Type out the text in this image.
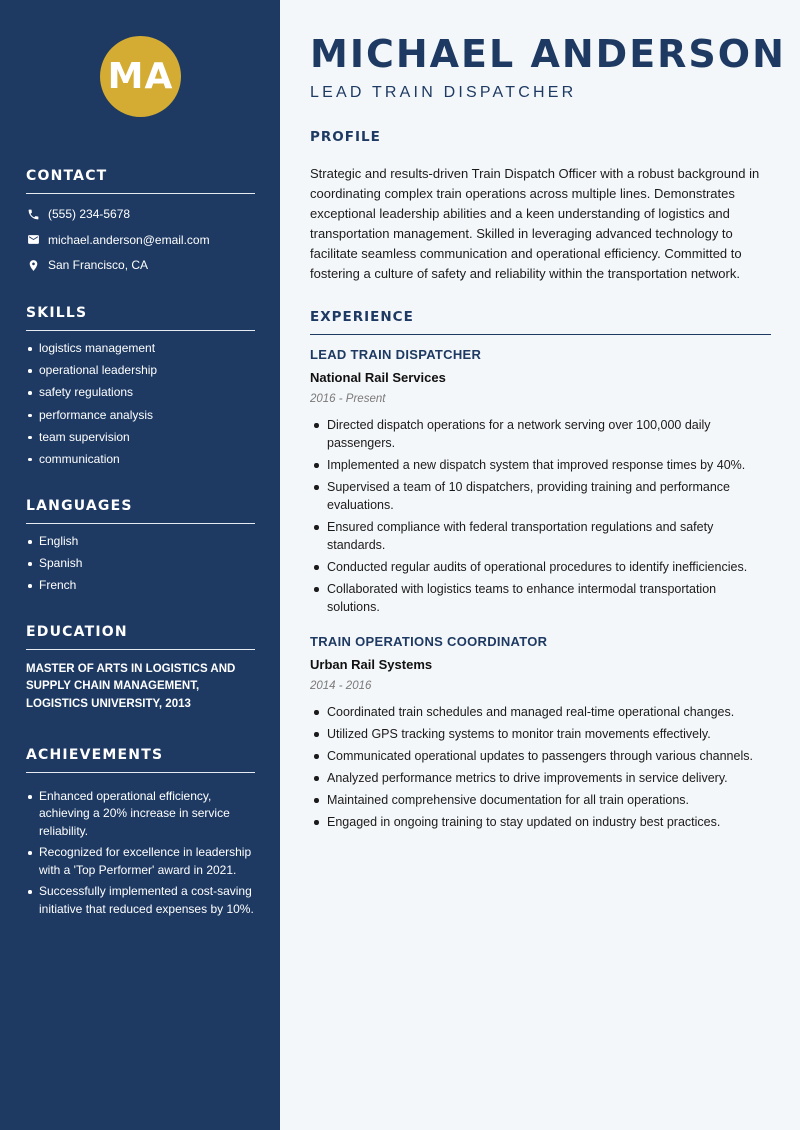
MA
CONTACT
(555) 234-5678
michael.anderson@email.com
San Francisco, CA
SKILLS
logistics management
operational leadership
safety regulations
performance analysis
team supervision
communication
LANGUAGES
English
Spanish
French
EDUCATION

MASTER OF ARTS IN LOGISTICS AND SUPPLY CHAIN MANAGEMENT, LOGISTICS UNIVERSITY, 2013

ACHIEVEMENTS
Enhanced operational efficiency, achieving a 20% increase in service reliability.
Recognized for excellence in leadership with a 'Top Performer' award in 2021.
Successfully implemented a cost-saving initiative that reduced expenses by 10%.
MICHAEL ANDERSON
LEAD TRAIN DISPATCHER
PROFILE

Strategic and results-driven Train Dispatch Officer with a robust background in coordinating complex train operations across multiple lines. Demonstrates exceptional leadership abilities and a keen understanding of logistics and transportation management. Skilled in leveraging advanced technology to facilitate seamless communication and operational efficiency. Committed to fostering a culture of safety and reliability within the transportation network.

EXPERIENCE
LEAD TRAIN DISPATCHER
National Rail Services
2016 - Present
Directed dispatch operations for a network serving over 100,000 daily passengers.
Implemented a new dispatch system that improved response times by 40%.
Supervised a team of 10 dispatchers, providing training and performance evaluations.
Ensured compliance with federal transportation regulations and safety standards.
Conducted regular audits of operational procedures to identify inefficiencies.
Collaborated with logistics teams to enhance intermodal transportation solutions.
TRAIN OPERATIONS COORDINATOR
Urban Rail Systems
2014 - 2016
Coordinated train schedules and managed real-time operational changes.
Utilized GPS tracking systems to monitor train movements effectively.
Communicated operational updates to passengers through various channels.
Analyzed performance metrics to drive improvements in service delivery.
Maintained comprehensive documentation for all train operations.
Engaged in ongoing training to stay updated on industry best practices.
